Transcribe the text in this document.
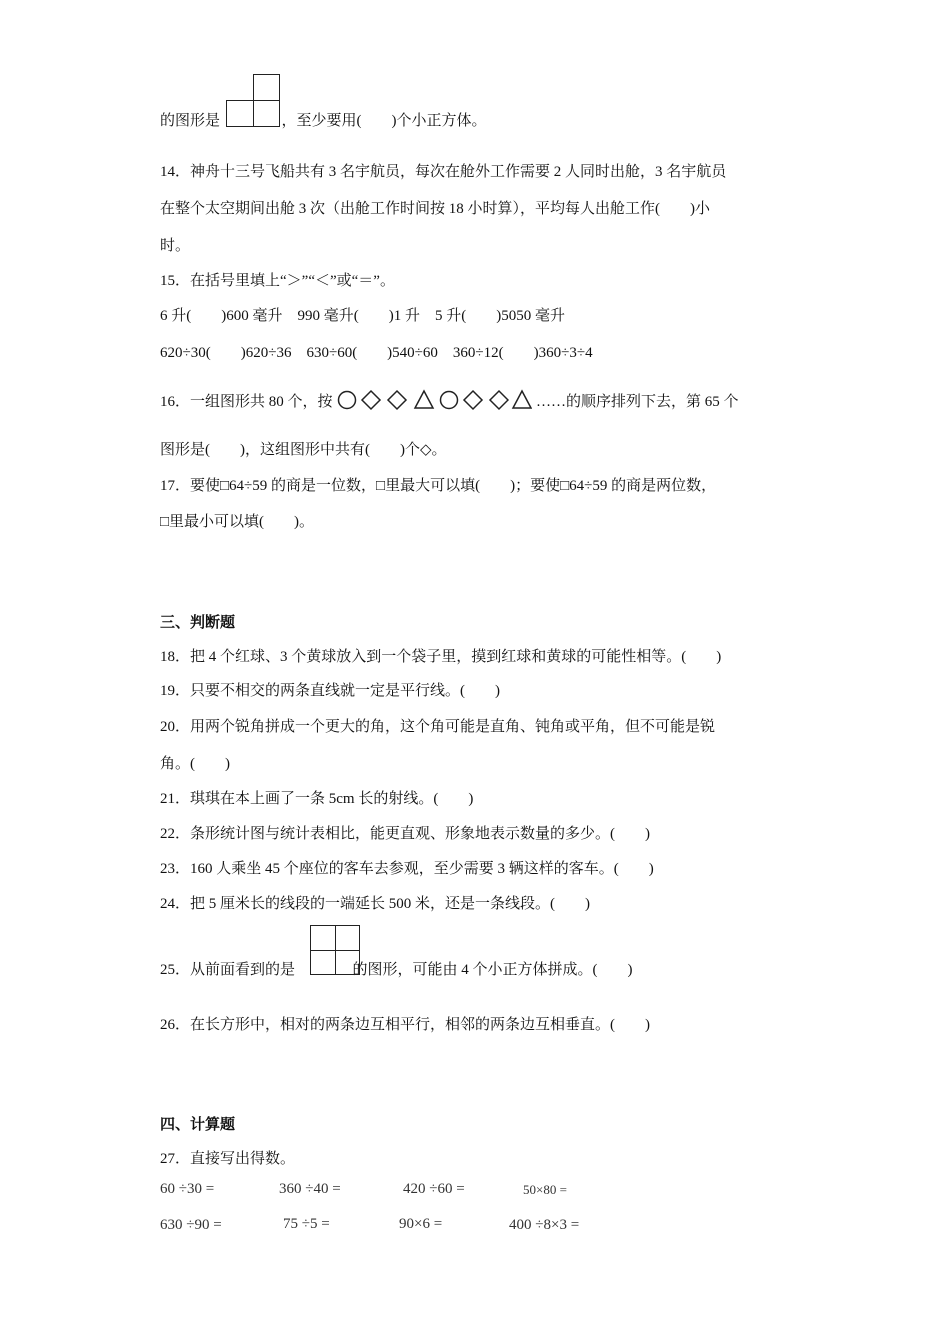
的图形是	，至少要用(　　)个小正方体。
14．神舟十三号飞船共有 3 名宇航员，每次在舱外工作需要 2 人同时出舱，3 名宇航员
在整个太空期间出舱 3 次（出舱工作时间按 18 小时算），平均每人出舱工作(　　)小
时。
15．在括号里填上“＞”“＜”或“＝”。
6 升(　　)600 毫升　990 毫升(　　)1 升　5 升(　　)5050 毫升
620÷30(　　)620÷36　630÷60(　　)540÷60　360÷12(　　)360÷3÷4
16．一组图形共 80 个，按	……的顺序排列下去，第 65 个
图形是(　　)，这组图形中共有(　　)个◇。
17．要使□64÷59 的商是一位数，□里最大可以填(　　)；要使□64÷59 的商是两位数，
□里最小可以填(　　)。
三、判断题
18．把 4 个红球、3 个黄球放入到一个袋子里，摸到红球和黄球的可能性相等。(　　)
19．只要不相交的两条直线就一定是平行线。(　　)
20．用两个锐角拼成一个更大的角，这个角可能是直角、钝角或平角，但不可能是锐
角。(　　)
21．琪琪在本上画了一条 5cm 长的射线。(　　)
22．条形统计图与统计表相比，能更直观、形象地表示数量的多少。(　　)
23．160 人乘坐 45 个座位的客车去参观，至少需要 3 辆这样的客车。(　　)
24．把 5 厘米长的线段的一端延长 500 米，还是一条线段。(　　)
25．从前面看到的是	的图形，可能由 4 个小正方体拼成。(　　)
26．在长方形中，相对的两条边互相平行，相邻的两条边互相垂直。(　　)
四、计算题
27．直接写出得数。
60 ÷30 =	360 ÷40 =	420 ÷60 =	50×80 =
630 ÷90 =	75 ÷5 =	90×6 =	400 ÷8×3 =
